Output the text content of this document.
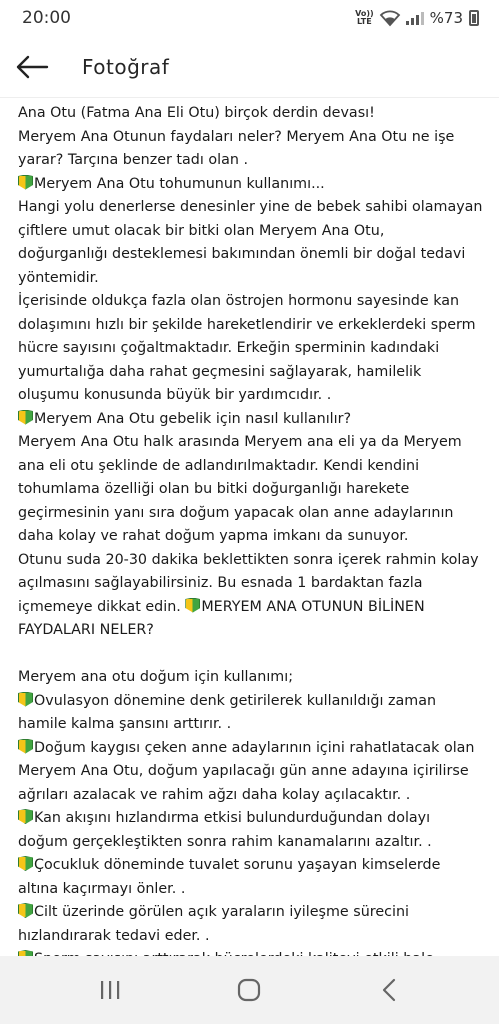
20:00	Vo))
LTE	%73
Fotoğraf
Ana Otu (Fatma Ana Eli Otu) birçok derdin devası!
Meryem Ana Otunun faydaları neler? Meryem Ana Otu ne işe
yarar? Tarçına benzer tadı olan .
Meryem Ana Otu tohumunun kullanımı...
Hangi yolu denerlerse denesinler yine de bebek sahibi olamayan
çiftlere umut olacak bir bitki olan Meryem Ana Otu,
doğurganlığı desteklemesi bakımından önemli bir doğal tedavi
yöntemidir.
İçerisinde oldukça fazla olan östrojen hormonu sayesinde kan
dolaşımını hızlı bir şekilde hareketlendirir ve erkeklerdeki sperm
hücre sayısını çoğaltmaktadır. Erkeğin sperminin kadındaki
yumurtalığa daha rahat geçmesini sağlayarak, hamilelik
oluşumu konusunda büyük bir yardımcıdır. .
Meryem Ana Otu gebelik için nasıl kullanılır?
Meryem Ana Otu halk arasında Meryem ana eli ya da Meryem
ana eli otu şeklinde de adlandırılmaktadır. Kendi kendini
tohumlama özelliği olan bu bitki doğurganlığı harekete
geçirmesinin yanı sıra doğum yapacak olan anne adaylarının
daha kolay ve rahat doğum yapma imkanı da sunuyor.
Otunu suda 20-30 dakika beklettikten sonra içerek rahmin kolay
açılmasını sağlayabilirsiniz. Bu esnada 1 bardaktan fazla
içmemeye dikkat edin. MERYEM ANA OTUNUN BİLİNEN
FAYDALARI NELER?
Meryem ana otu doğum için kullanımı;
Ovulasyon dönemine denk getirilerek kullanıldığı zaman
hamile kalma şansını arttırır. .
Doğum kaygısı çeken anne adaylarının içini rahatlatacak olan
Meryem Ana Otu, doğum yapılacağı gün anne adayına içirilirse
ağrıları azalacak ve rahim ağzı daha kolay açılacaktır. .
Kan akışını hızlandırma etkisi bulundurduğundan dolayı
doğum gerçekleştikten sonra rahim kanamalarını azaltır. .
Çocukluk döneminde tuvalet sorunu yaşayan kimselerde
altına kaçırmayı önler. .
Cilt üzerinde görülen açık yaraların iyileşme sürecini
hızlandırarak tedavi eder. .
